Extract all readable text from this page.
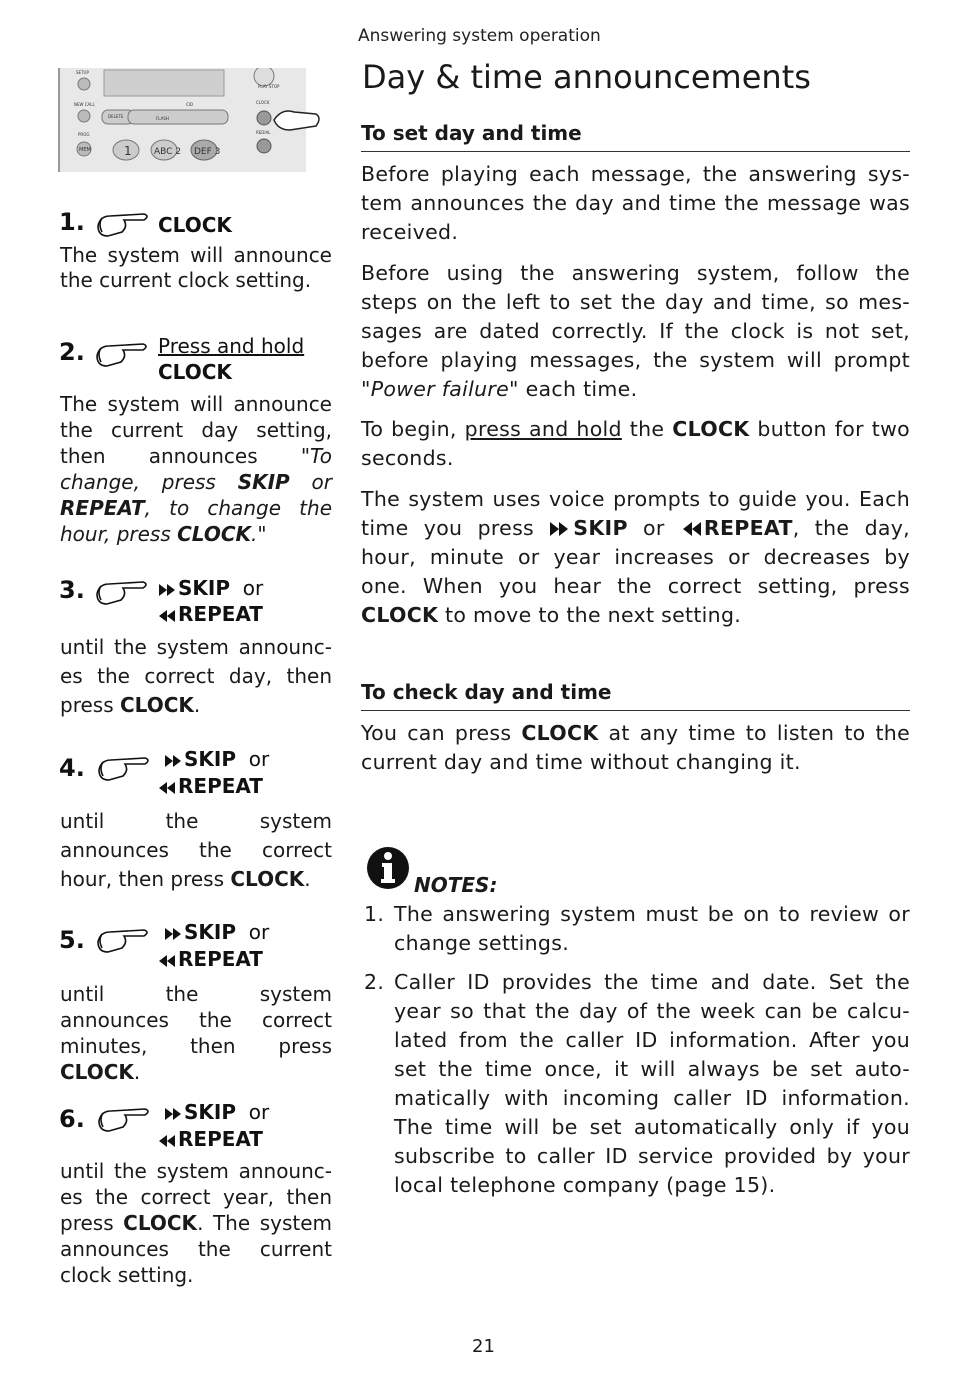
Answering system operation
Day & time announcements
SETUP
NEW CALL
DELETE
CID
FLASH
CLOCK
REDIAL
PLAY STOP
PROG
MEM	1 ABC 2 DEF 3
1.	CLOCK
The system will announce the current clock setting.
2.	Press and hold
CLOCK
The system will announce the current day setting, then announces "To change, press SKIP or REPEAT, to change the hour, press CLOCK."
3.	SKIP or
REPEAT
until the system announc-es the correct day, then press CLOCK.
4.	SKIP or
REPEAT
until the system announces the correct hour, then press CLOCK.
5.	SKIP or
REPEAT
until the system announces the correct minutes, then press CLOCK.
6.	SKIP or
REPEAT
until the system announc-es the correct year, then press CLOCK. The system announces the current clock setting.
To set day and time
Before playing each message, the answering sys-tem announces the day and time the message was received.
Before using the answering system, follow the steps on the left to set the day and time, so mes-sages are dated correctly. If the clock is not set, before playing messages, the system will prompt "Power failure" each time.
To begin, press and hold the CLOCK button for two seconds.
The system uses voice prompts to guide you. Each time you press SKIP or REPEAT, the day, hour, minute or year increases or decreases by one. When you hear the correct setting, press CLOCK to move to the next setting.
To check day and time
You can press CLOCK at any time to listen to the current day and time without changing it.
NOTES:
1. The answering system must be on to review or change settings.
2. Caller ID provides the time and date. Set the year so that the day of the week can be calcu-lated from the caller ID information. After you set the time once, it will always be set auto-matically with incoming caller ID information. The time will be set automatically only if you subscribe to caller ID service provided by your local telephone company (page 15).
21
